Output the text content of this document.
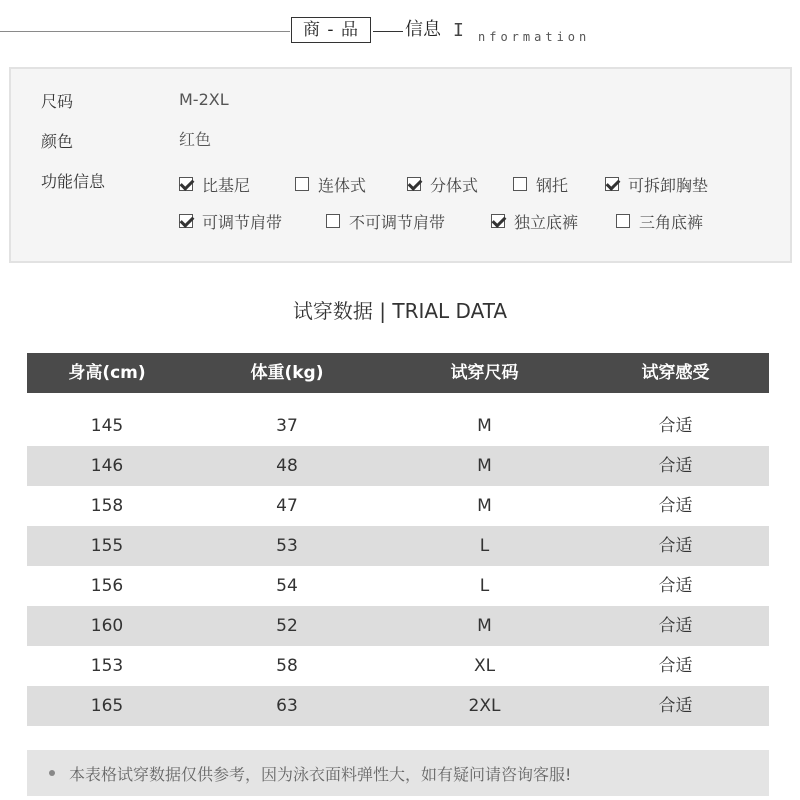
商 - 品	信息 I nformation
尺码	M-2XL
颜色	红色
功能信息	比基尼	连体式	分体式	钢托	可拆卸胸垫
可调节肩带	不可调节肩带	独立底裤	三角底裤
试穿数据 | TRIAL DATA
身高(cm)	体重(kg)	试穿尺码	试穿感受
145	37	M	合适
146	48	M	合适
158	47	M	合适
155	53	L	合适
156	54	L	合适
160	52	M	合适
153	58	XL	合适
165	63	2XL	合适
本表格试穿数据仅供参考，因为泳衣面料弹性大，如有疑问请咨询客服!
